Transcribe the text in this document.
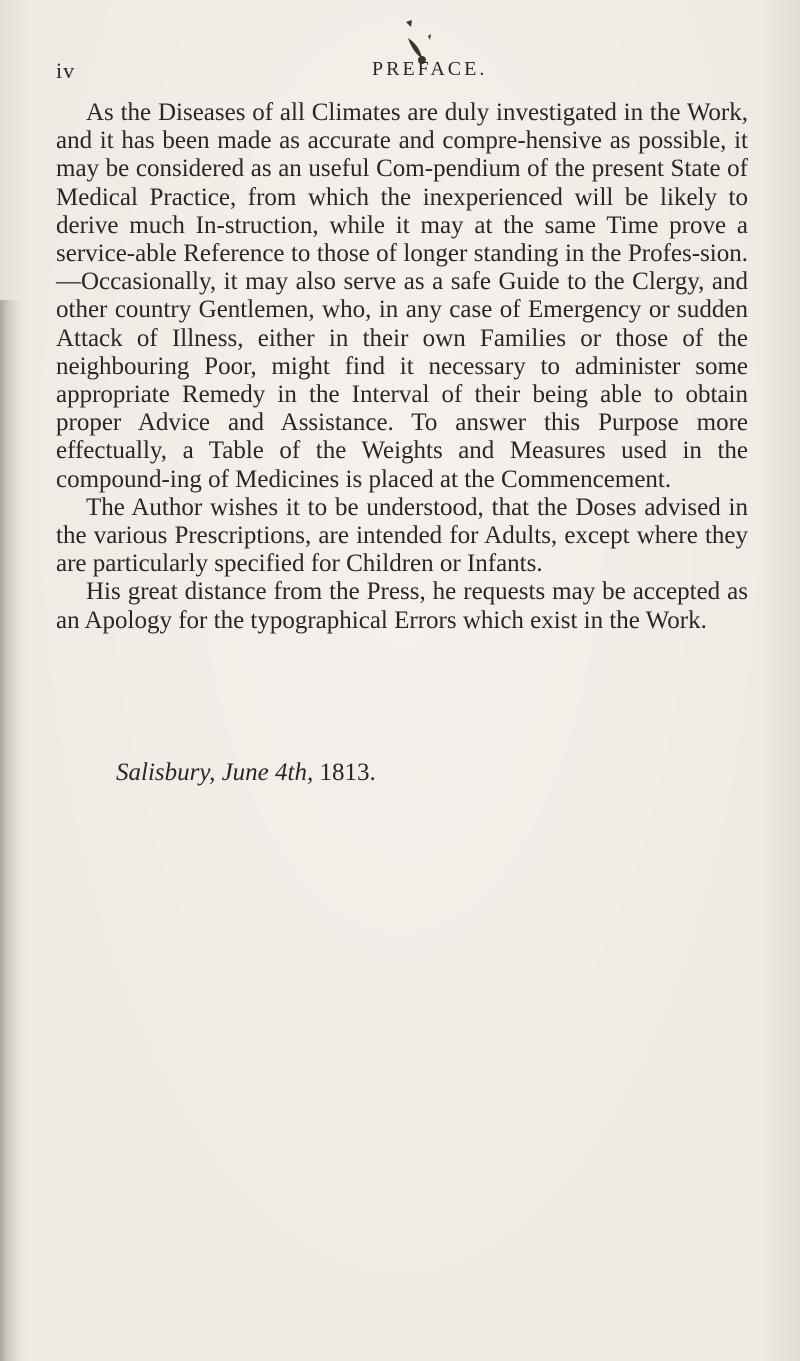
iv	PREFACE.

As the Diseases of all Climates are duly investigated in the Work, and it has been made as accurate and compre-hensive as possible, it may be considered as an useful Com-pendium of the present State of Medical Practice, from which the inexperienced will be likely to derive much In-struction, while it may at the same Time prove a service-able Reference to those of longer standing in the Profes-sion.—Occasionally, it may also serve as a safe Guide to the Clergy, and other country Gentlemen, who, in any case of Emergency or sudden Attack of Illness, either in their own Families or those of the neighbouring Poor, might find it necessary to administer some appropriate Remedy in the Interval of their being able to obtain proper Advice and Assistance. To answer this Purpose more effectually, a Table of the Weights and Measures used in the compound-ing of Medicines is placed at the Commencement.

The Author wishes it to be understood, that the Doses advised in the various Prescriptions, are intended for Adults, except where they are particularly specified for Children or Infants.

His great distance from the Press, he requests may be accepted as an Apology for the typographical Errors which exist in the Work.

Salisbury, June 4th, 1813.
